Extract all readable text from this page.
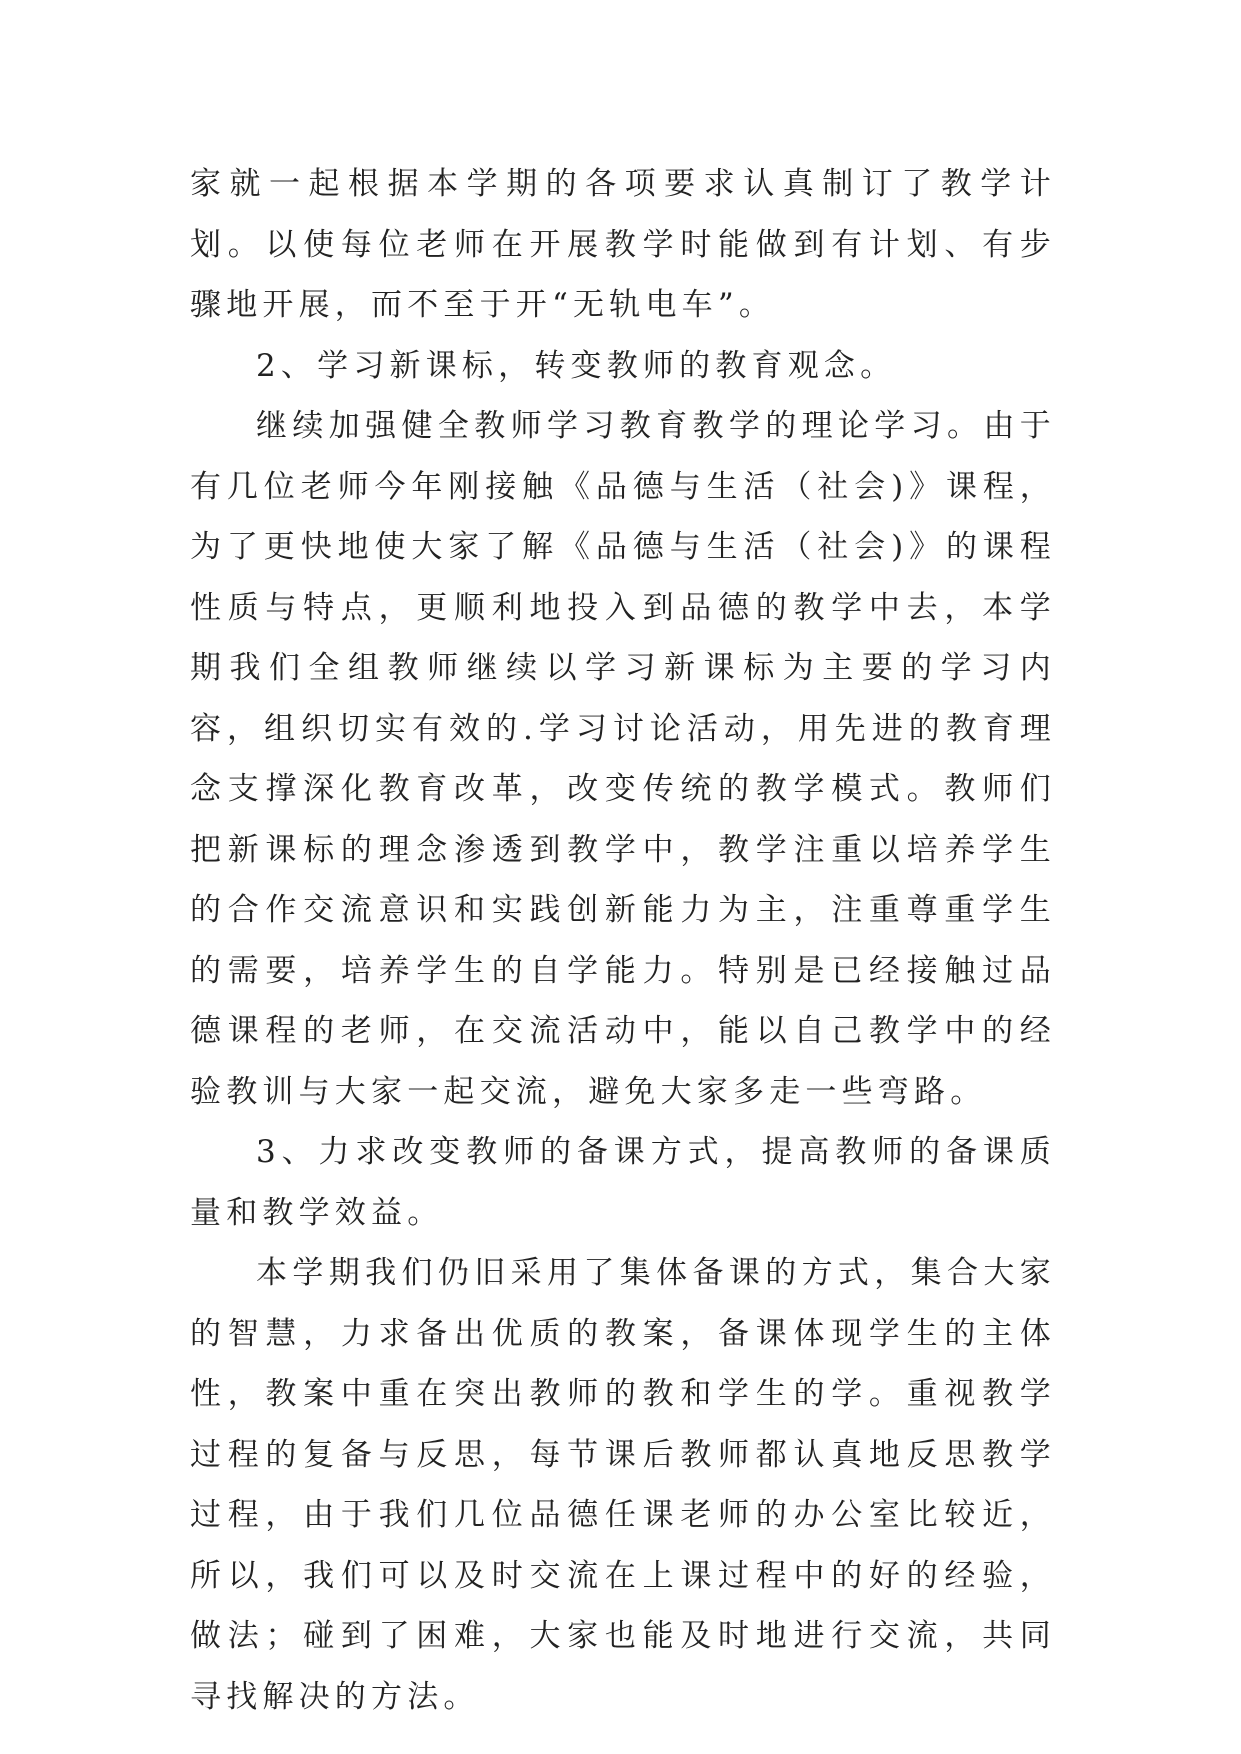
家就一起根据本学期的各项要求认真制订了教学计划。以使每位老师在开展教学时能做到有计划、有步骤地开展，而不至于开“无轨电车”。

2、学习新课标，转变教师的教育观念。

继续加强健全教师学习教育教学的理论学习。由于有几位老师今年刚接触《品德与生活（社会)》课程，为了更快地使大家了解《品德与生活（社会)》的课程性质与特点，更顺利地投入到品德的教学中去，本学期我们全组教师继续以学习新课标为主要的学习内容，组织切实有效的.学习讨论活动，用先进的教育理念支撑深化教育改革，改变传统的教学模式。教师们把新课标的理念渗透到教学中，教学注重以培养学生的合作交流意识和实践创新能力为主，注重尊重学生的需要，培养学生的自学能力。特别是已经接触过品德课程的老师，在交流活动中，能以自己教学中的经验教训与大家一起交流，避免大家多走一些弯路。

3、力求改变教师的备课方式，提高教师的备课质量和教学效益。

本学期我们仍旧采用了集体备课的方式，集合大家的智慧，力求备出优质的教案，备课体现学生的主体性，教案中重在突出教师的教和学生的学。重视教学过程的复备与反思，每节课后教师都认真地反思教学过程，由于我们几位品德任课老师的办公室比较近，所以，我们可以及时交流在上课过程中的好的经验，做法；碰到了困难，大家也能及时地进行交流，共同寻找解决的方法。
